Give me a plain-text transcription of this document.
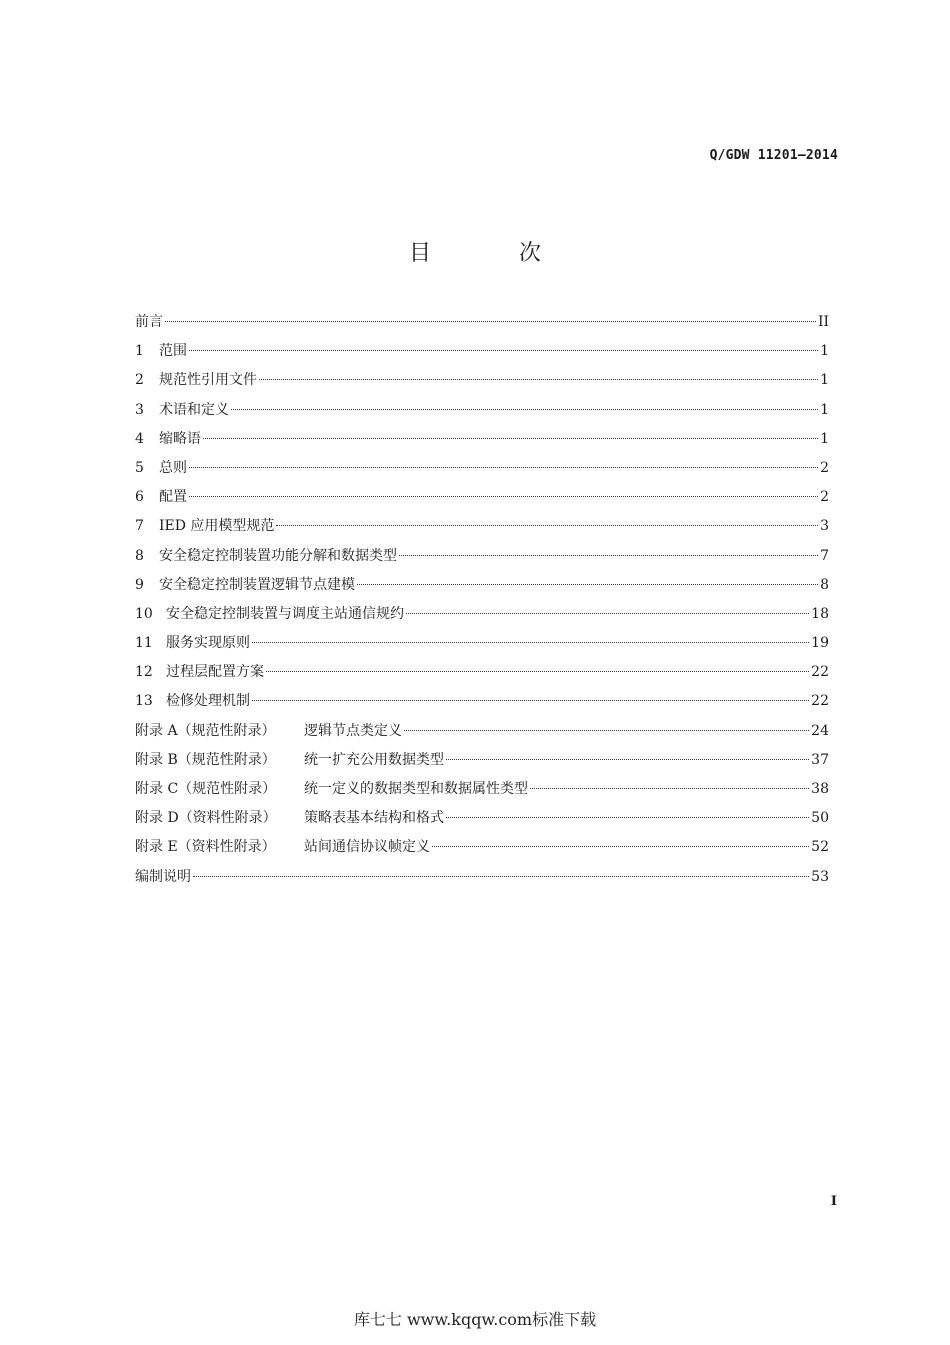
Q/GDW 11201—2014
目	次
前言	II
1	范围	1
2	规范性引用文件	1
3	术语和定义	1
4	缩略语	1
5	总则	2
6	配置	2
7	IED 应用模型规范	3
8	安全稳定控制装置功能分解和数据类型	7
9	安全稳定控制装置逻辑节点建模	8
10 安全稳定控制装置与调度主站通信规约	18
11 服务实现原则	19
12 过程层配置方案	22
13 检修处理机制	22
附录 A（规范性附录）	逻辑节点类定义	24
附录 B（规范性附录）	统一扩充公用数据类型	37
附录 C（规范性附录）	统一定义的数据类型和数据属性类型	38
附录 D（资料性附录）	策略表基本结构和格式	50
附录 E（资料性附录）	站间通信协议帧定义	52
编制说明	53
I
库七七 www.kqqw.com标准下载
